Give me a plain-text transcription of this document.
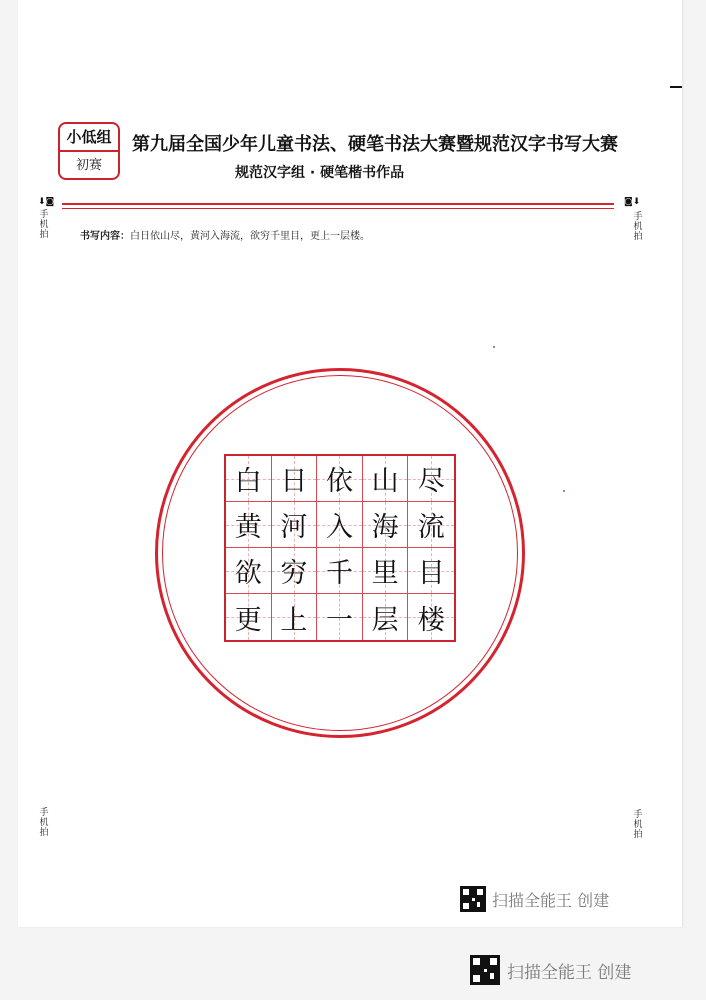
小低组
初赛
第九届全国少年儿童书法、硬笔书法大赛暨规范汉字书写大赛
规范汉字组 · 硬笔楷书作品
⬇◙	◙⬇
手机拍
手机拍
手机拍
手机拍
书写内容：白日依山尽，黄河入海流，欲穷千里目，更上一层楼。
白 日 依 山 尽
黄 河 入 海 流
欲 穷 千 里 目
更 上 一 层 楼
扫描全能王 创建
扫描全能王 创建
